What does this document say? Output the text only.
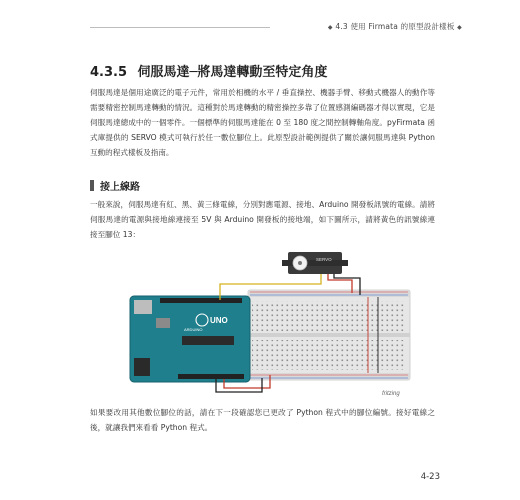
◆ 4.3 使用 Firmata 的原型設計樣板 ◆
4.3.5 伺服馬達─將馬達轉動至特定角度
伺服馬達是個用途廣泛的電子元件，常用於相機的水平 / 垂直操控、機器手臂、移動式機器人的動作等需要精密控制馬達轉動的情況。這種對於馬達轉動的精密操控多靠了位置感測編碼器才得以實現，它是伺服馬達總成中的一個零件。一個標準的伺服馬達能在 0 至 180 度之間控制轉軸角度。pyFirmata 函式庫提供的 SERVO 模式可執行於任一數位腳位上。此原型設計範例提供了關於讓伺服馬達與 Python 互動的程式樣板及指南。
接上線路
一般來說，伺服馬達有紅、黑、黃三條電線，分別對應電源、接地、Arduino 開發板訊號的電線。請將伺服馬達的電源與接地線連接至 5V 與 Arduino 開發板的接地端，如下圖所示，請將黃色的訊號線連接至腳位 13：
SERVO
UNO
ARDUINO
fritzing
如果要改用其他數位腳位的話，請在下一段確認您已更改了 Python 程式中的腳位編號。接好電線之後，就讓我們來看看 Python 程式。
4-23
